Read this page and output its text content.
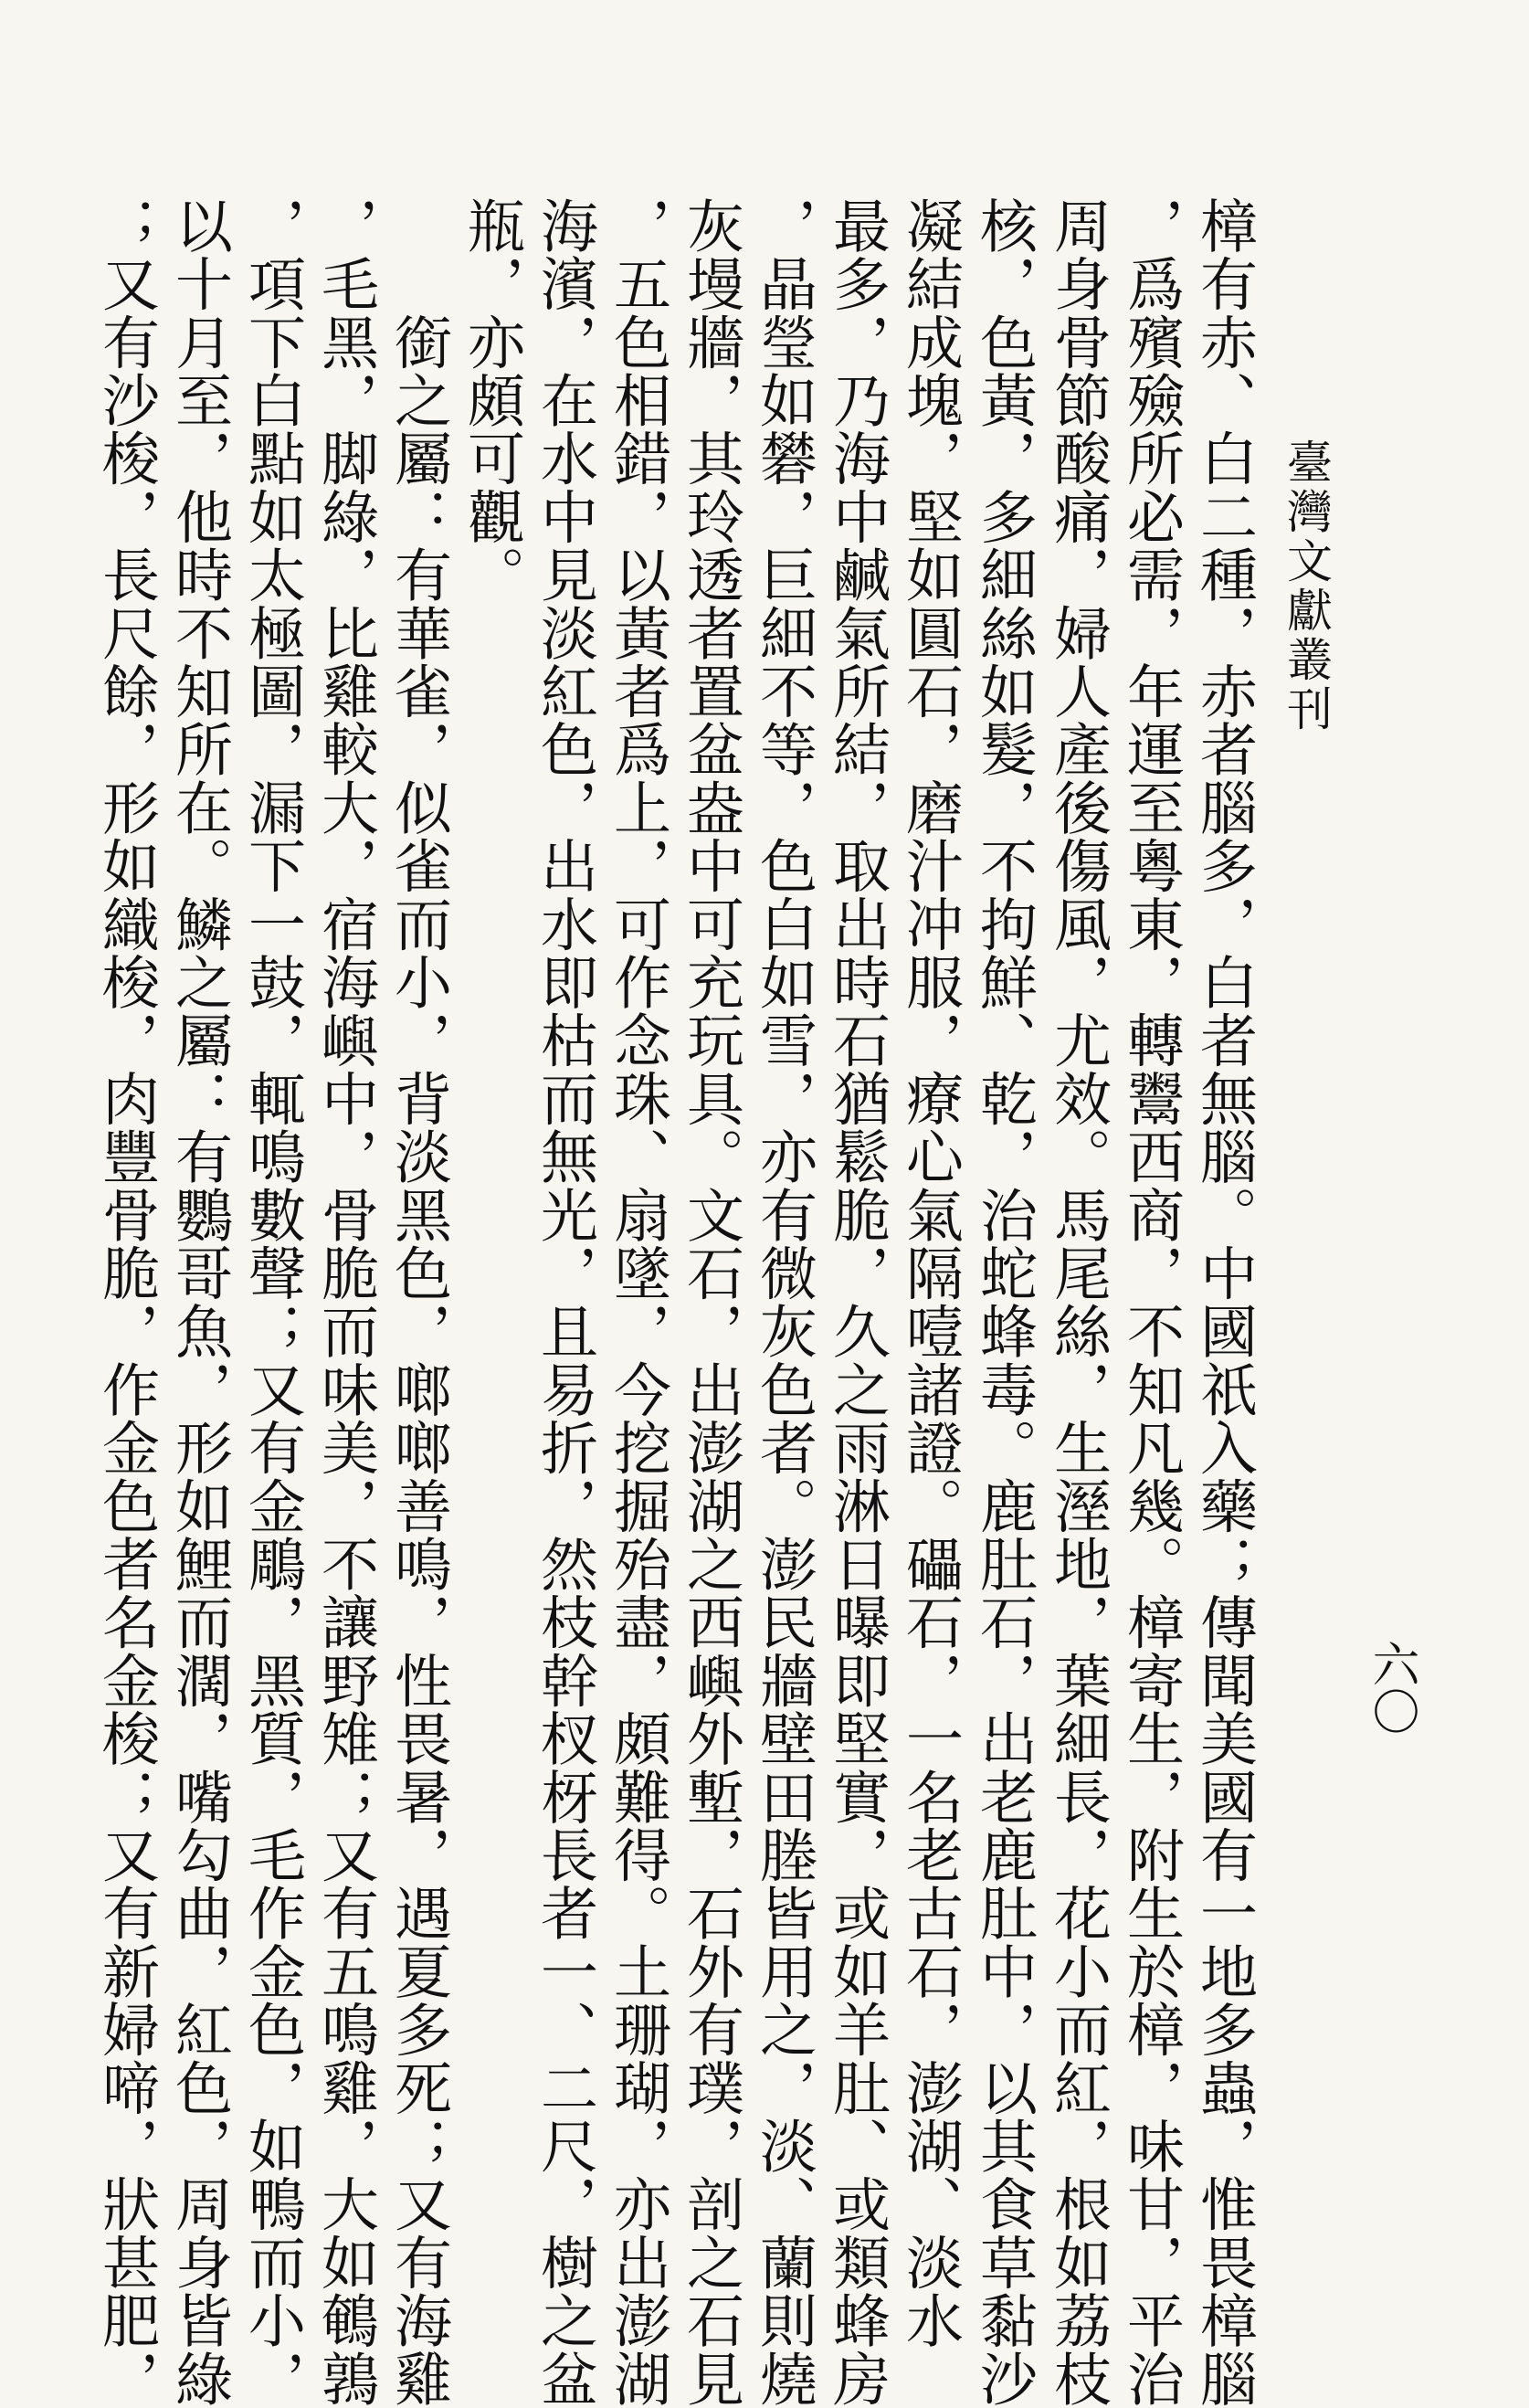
臺灣文獻叢刊
六〇
樟有赤、白二種，赤者腦多，白者無腦。中國祇入藥；傳聞美國有一地多蟲，惟畏樟腦
，爲殯殮所必需，年運至粵東，轉鬻西商，不知凡幾。樟寄生，附生於樟，味甘，平治
周身骨節酸痛，婦人產後傷風，尤效。馬尾絲，生溼地，葉細長，花小而紅，根如荔枝
核，色黃，多細絲如髮，不拘鮮、乾，治蛇蜂毒。鹿肚石，出老鹿肚中，以其食草黏沙
凝結成塊，堅如圓石，磨汁冲服，療心氣隔噎諸證。礧石，一名老古石，澎湖、淡水
最多，乃海中鹹氣所結，取出時石猶鬆脆，久之雨淋日曝即堅實，或如羊肚、或類蜂房
，晶瑩如礬，巨細不等，色白如雪，亦有微灰色者。澎民牆壁田塍皆用之，淡、蘭則燒
灰墁牆，其玲透者置盆盎中可充玩具。文石，出澎湖之西嶼外塹，石外有璞，剖之石見
，五色相錯，以黃者爲上，可作念珠、扇墜，今挖掘殆盡，頗難得。土珊瑚，亦出澎湖
海濱，在水中見淡紅色，出水即枯而無光，且易折，然枝幹杈枒長者一、二尺，樹之盆
瓶，亦頗可觀。
　　銜之屬：有華雀，似雀而小，背淡黑色，啷啷善鳴，性畏暑，遇夏多死；又有海雞
，毛黑，脚綠，比雞較大，宿海嶼中，骨脆而味美，不讓野雉；又有五鳴雞，大如鵪鶉
，項下白點如太極圖，漏下一鼓，輒鳴數聲；又有金鵰，黑質，毛作金色，如鴨而小，
以十月至，他時不知所在。鱗之屬：有鸚哥魚，形如鯉而濶，嘴勾曲，紅色，周身皆綠
；又有沙梭，長尺餘，形如織梭，肉豐骨脆，作金色者名金梭；又有新婦啼，狀甚肥，
